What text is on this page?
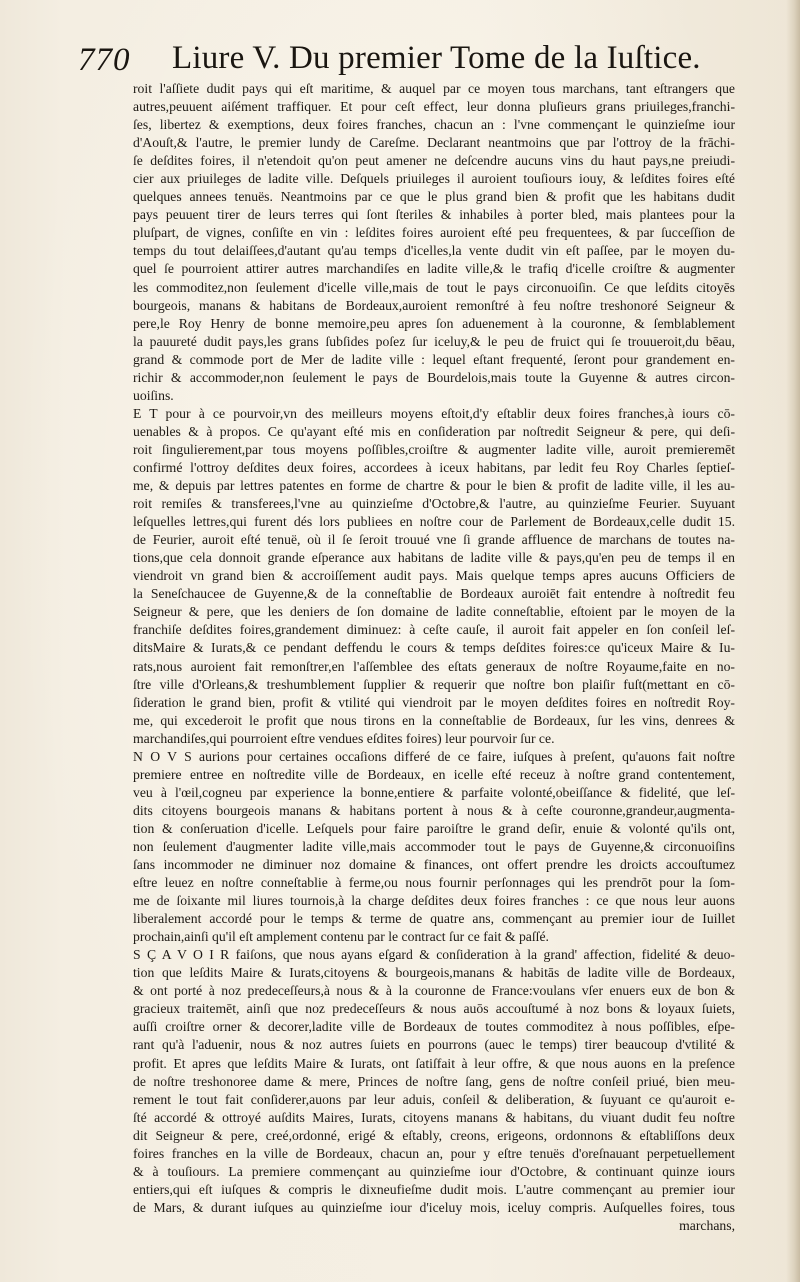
770 Liure V. Du premier Tome de la Iuſtice.
roit l'aſſiete dudit pays qui eſt maritime, & auquel par ce moyen tous marchans, tant eſtrangers que
autres,peuuent aiſément traffiquer. Et pour ceſt effect, leur donna pluſieurs grans priuileges,franchi-
ſes, libertez & exemptions, deux foires franches, chacun an : l'vne commençant le quinzieſme iour
d'Aouſt,& l'autre, le premier lundy de Careſme. Declarant neantmoins que par l'ottroy de la frāchi-
ſe deſdites foires, il n'etendoit qu'on peut amener ne deſcendre aucuns vins du haut pays,ne preiudi-
cier aux priuileges de ladite ville. Deſquels priuileges il auroient touſiours iouy, & leſdites foires eſté
quelques annees tenuës. Neantmoins par ce que le plus grand bien & profit que les habitans dudit
pays peuuent tirer de leurs terres qui ſont ſteriles & inhabiles à porter bled, mais plantees pour la
pluſpart, de vignes, conſiſte en vin : leſdites foires auroient eſté peu frequentees, & par ſucceſſion de
temps du tout delaiſſees,d'autant qu'au temps d'icelles,la vente dudit vin eſt paſſee, par le moyen du-
quel ſe pourroient attirer autres marchandiſes en ladite ville,& le trafiq d'icelle croiſtre & augmenter
les commoditez,non ſeulement d'icelle ville,mais de tout le pays circonuoiſin. Ce que leſdits citoyēs
bourgeois, manans & habitans de Bordeaux,auroient remonſtré à feu noſtre treshonoré Seigneur &
pere,le Roy Henry de bonne memoire,peu apres ſon aduenement à la couronne, & ſemblablement
la pauureté dudit pays,les grans ſubſides poſez ſur iceluy,& le peu de fruict qui ſe trouueroit,du bēau,
grand & commode port de Mer de ladite ville : lequel eſtant frequenté, ſeront pour grandement en-
richir & accommoder,non ſeulement le pays de Bourdelois,mais toute la Guyenne & autres circon-
uoiſins.
E T pour à ce pourvoir,vn des meilleurs moyens eſtoit,d'y eſtablir deux foires franches,à iours cō-
uenables & à propos. Ce qu'ayant eſté mis en conſideration par noſtredit Seigneur & pere, qui deſi-
roit ſingulierement,par tous moyens poſſibles,croiſtre & augmenter ladite ville, auroit premieremēt
confirmé l'ottroy deſdites deux foires, accordees à iceux habitans, par ledit feu Roy Charles ſeptieſ-
me, & depuis par lettres patentes en forme de chartre & pour le bien & profit de ladite ville, il les au-
roit remiſes & transferees,l'vne au quinzieſme d'Octobre,& l'autre, au quinzieſme Feurier. Suyuant
leſquelles lettres,qui furent dés lors publiees en noſtre cour de Parlement de Bordeaux,celle dudit 15.
de Feurier, auroit eſté tenuë, où il ſe ſeroit trouué vne ſi grande affluence de marchans de toutes na-
tions,que cela donnoit grande eſperance aux habitans de ladite ville & pays,qu'en peu de temps il en
viendroit vn grand bien & accroiſſement audit pays. Mais quelque temps apres aucuns Officiers de
la Seneſchaucee de Guyenne,& de la conneſtablie de Bordeaux auroiēt fait entendre à noſtredit feu
Seigneur & pere, que les deniers de ſon domaine de ladite conneſtablie, eſtoient par le moyen de la
franchiſe deſdites foires,grandement diminuez: à ceſte cauſe, il auroit fait appeler en ſon conſeil leſ-
ditsMaire & Iurats,& ce pendant deffendu le cours & temps deſdites foires:ce qu'iceux Maire & Iu-
rats,nous auroient fait remonſtrer,en l'aſſemblee des eſtats generaux de noſtre Royaume,faite en no-
ſtre ville d'Orleans,& treshumblement ſupplier & requerir que noſtre bon plaiſir fuſt(mettant en cō-
ſideration le grand bien, profit & vtilité qui viendroit par le moyen deſdites foires en noſtredit Roy-
me, qui excederoit le profit que nous tirons en la conneſtablie de Bordeaux, ſur les vins, denrees &
marchandiſes,qui pourroient eſtre vendues eſdites foires) leur pourvoir ſur ce.
N O V S aurions pour certaines occaſions differé de ce faire, iuſques à preſent, qu'auons fait noſtre
premiere entree en noſtredite ville de Bordeaux, en icelle eſté receuz à noſtre grand contentement,
veu à l'œil,cogneu par experience la bonne,entiere & parfaite volonté,obeiſſance & fidelité, que leſ-
dits citoyens bourgeois manans & habitans portent à nous & à ceſte couronne,grandeur,augmenta-
tion & conſeruation d'icelle. Leſquels pour faire paroiſtre le grand deſir, enuie & volonté qu'ils ont,
non ſeulement d'augmenter ladite ville,mais accommoder tout le pays de Guyenne,& circonuoiſins
ſans incommoder ne diminuer noz domaine & finances, ont offert prendre les droicts accouſtumez
eſtre leuez en noſtre conneſtablie à ferme,ou nous fournir perſonnages qui les prendrōt pour la ſom-
me de ſoixante mil liures tournois,à la charge deſdites deux foires franches : ce que nous leur auons
liberalement accordé pour le temps & terme de quatre ans, commençant au premier iour de Iuillet
prochain,ainſi qu'il eſt amplement contenu par le contract ſur ce fait & paſſé.
S Ç A V O I R faiſons, que nous ayans eſgard & conſideration à la grand' affection, fidelité & deuo-
tion que leſdits Maire & Iurats,citoyens & bourgeois,manans & habitās de ladite ville de Bordeaux,
& ont porté à noz predeceſſeurs,à nous & à la couronne de France:voulans vſer enuers eux de bon &
gracieux traitemēt, ainſi que noz predeceſſeurs & nous auōs accouſtumé à noz bons & loyaux ſuiets,
auſſi croiſtre orner & decorer,ladite ville de Bordeaux de toutes commoditez à nous poſſibles, eſpe-
rant qu'à l'aduenir, nous & noz autres ſuiets en pourrons (auec le temps) tirer beaucoup d'vtilité &
profit. Et apres que leſdits Maire & Iurats, ont ſatiſfait à leur offre, & que nous auons en la preſence
de noſtre treshonoree dame & mere, Princes de noſtre ſang, gens de noſtre conſeil priué, bien meu-
rement le tout fait conſiderer,auons par leur aduis, conſeil & deliberation, & ſuyuant ce qu'auroit e-
ſté accordé & ottroyé auſdits Maires, Iurats, citoyens manans & habitans, du viuant dudit feu noſtre
dit Seigneur & pere, creé,ordonné, erigé & eſtably, creons, erigeons, ordonnons & eſtabliſſons deux
foires franches en la ville de Bordeaux, chacun an, pour y eſtre tenuës d'oreſnauant perpetuellement
& à touſiours. La premiere commençant au quinzieſme iour d'Octobre, & continuant quinze iours
entiers,qui eſt iuſques & compris le dixneufieſme dudit mois. L'autre commençant au premier iour
de Mars, & durant iuſques au quinzieſme iour d'iceluy mois, iceluy compris. Auſquelles foires, tous
marchans,
